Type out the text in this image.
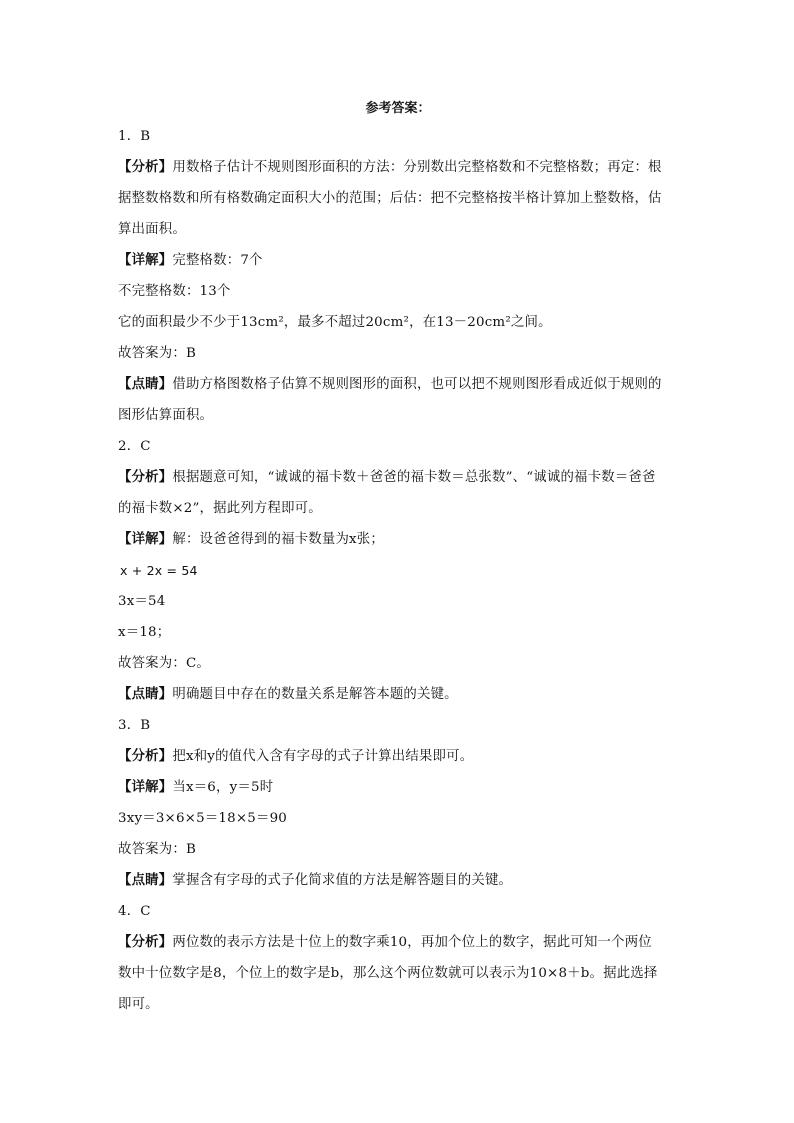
参考答案：
1．B
【分析】用数格子估计不规则图形面积的方法：分别数出完整格数和不完整格数；再定：根
据整数格数和所有格数确定面积大小的范围；后估：把不完整格按半格计算加上整数格，估
算出面积。
【详解】完整格数：7个
不完整格数：13个
它的面积最少不少于13cm²，最多不超过20cm²，在13－20cm²之间。
故答案为：B
【点睛】借助方格图数格子估算不规则图形的面积，也可以把不规则图形看成近似于规则的
图形估算面积。
2．C
【分析】根据题意可知，“诚诚的福卡数＋爸爸的福卡数＝总张数”、“诚诚的福卡数＝爸爸
的福卡数×2”，据此列方程即可。
【详解】解：设爸爸得到的福卡数量为x张；
x + 2x = 54
3x＝54
x＝18；
故答案为：C。
【点睛】明确题目中存在的数量关系是解答本题的关键。
3．B
【分析】把x和y的值代入含有字母的式子计算出结果即可。
【详解】当x＝6，y＝5时
3xy＝3×6×5＝18×5＝90
故答案为：B
【点睛】掌握含有字母的式子化简求值的方法是解答题目的关键。
4．C
【分析】两位数的表示方法是十位上的数字乘10，再加个位上的数字，据此可知一个两位
数中十位数字是8，个位上的数字是b，那么这个两位数就可以表示为10×8＋b。据此选择
即可。
